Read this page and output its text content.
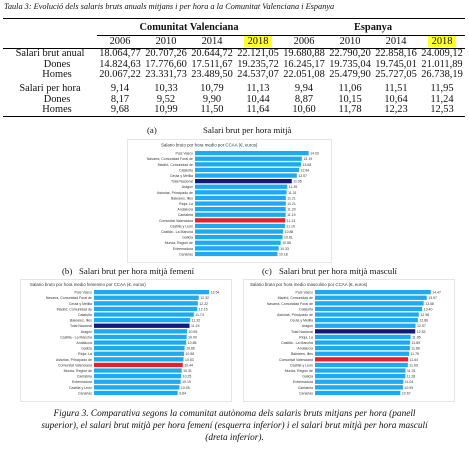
Taula 3: Evolució dels salaris bruts anuals mitjans i per hora a la Comunitat Valenciana i Espanya

	Comunitat Valenciana				Espanya			

	2006	2010	2014	2018	2006	2010	2014	2018
Salari brut anual	18.064,77	20.707,26	20.644,72	22.121,05	19.680,88	22.790,20	22.858,16	24.009,12
Dones	14.824,63	17.776,60	17.511,67	19.235,72	16.245,17	19.735,04	19.745,01	21.011,89
Homes	20.067,22	23.331,73	23.489,50	24.537,07	22.051,08	25.479,90	25.727,05	26.738,19
Salari per hora	9,14	10,33	10,79	11,13	9,94	11,06	11,51	11,95
Dones	8,17	9,52	9,90	10,44	8,87	10,15	10,64	11,24
Homes	9,68	10,99	11,50	11,64	10,60	11,78	12,23	12,53
(a)	Salari brut per hora mitjà
Salario bruto por hora medio por CCAA (€, euros)
País Vasco	14.03
Navarra, Comunidad Foral de	13.19
Madrid, Comunidad de	13.08
Cataluña	12.84
Ceuta y Melilla	12.57
Total Nacional	11.95
Aragón	11.39
Asturias, Principado de	11.31
Baleares, Illes	11.21
Rioja, La	11.21
Andalucía	11.20
Cantabria	11.19
Comunitat Valenciana	11.13
Castilla y León	11.10
Castilla - La Mancha	10.88
Galicia	10.81
Murcia, Región de	10.58
Extremadura	10.33
Canarias	10.18
(b) Salari brut per hora mitjà femení
Salario bruto por hora medio femenino por CCAA (€, euros)
País Vasco	13.54
Navarra, Comunidad Foral de	12.32
Ceuta y Melilla	12.22
Madrid, Comunidad de	12.15
Cataluña	11.74
Baleares, Illes	11.32
Total Nacional	11.24
Aragón	10.95
Castilla - La Mancha	10.90
Andalucía	10.85
Galicia	10.66
Rioja, La	10.58
Asturias, Principado de	10.53
Comunitat Valenciana	10.44
Murcia, Región de	10.31
Cantabria	10.25
Extremadura	10.19
Castilla y León	10.05
Canarias	9.84
(c) Salari brut per hora mitjà masculí
Salario bruto por hora medio masculino por CCAA (€, euros)
País Vasco	14.47
Madrid, Comunidad de	13.97
Navarra, Comunidad Foral de	13.58
Cataluña	13.40
Asturias, Principado de	12.98
Ceuta y Melilla	12.86
Aragón	12.57
Total Nacional	12.53
Rioja, La	11.95
Castilla - La Mancha	11.89
Andalucía	11.86
Baleares, Illes	11.75
Comunitat Valenciana	11.64
Castilla y León	11.60
Murcia, Región de	11.31
Galicia	11.28
Extremadura	11.04
Cantabria	10.99
Canarias	10.67
Figura 3. Comparativa segons la comunitat autònoma dels salaris bruts mitjans per hora (panell
superior), el salari brut mitjà per hora femení (esquerra inferior) i el salari brut mitjà per hora masculí
(dreta inferior).
